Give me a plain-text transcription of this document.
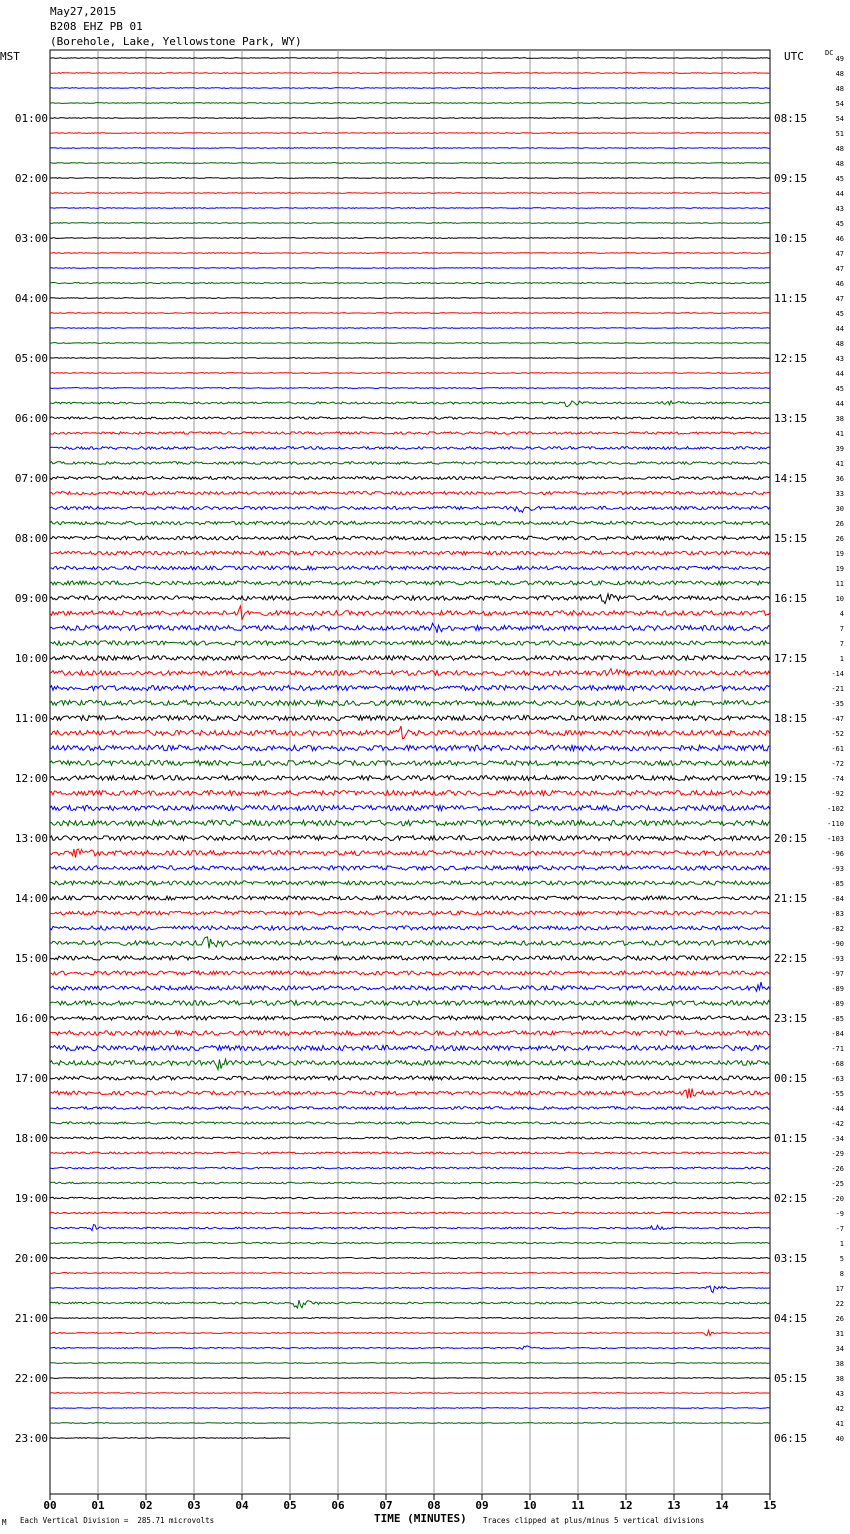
May27,2015
B208 EHZ PB 01
(Borehole, Lake, Yellowstone Park, WY)
MST	UTC	DC
00	01	02	03	04	05	06	07	08	09	10	11	12	13	14	15
49
48
48
54
54
51
48
48
45
44
43
45
46
47
47
46
47
45
44
48
43
44
45
44
38
41
39
41
36
33
30
26
26
19
19
11
10
4
7
7
1
-14
-21
-35
-47
-52
-61
-72
-74
-92
-102
-110
-103
-96
-93
-85
-84
-83
-82
-90
-93
-97
-89
-89
-85
-84
-71
-68
-63
-55
-44
-42
-34
-29
-26
-25
-20
-9
-7
1
5
8
17
22
26
31
34
38
38
43
42
41
40
01:00
02:00
03:00
04:00
05:00
06:00
07:00
08:00
09:00
10:00
11:00
12:00
13:00
14:00
15:00
16:00
17:00
18:00
19:00
20:00
21:00
22:00
23:00
08:15
09:15
10:15
11:15
12:15
13:15
14:15
15:15
16:15
17:15
18:15
19:15
20:15
21:15
22:15
23:15
00:15
01:15
02:15
03:15
04:15
05:15
06:15
M Each Vertical Division =  285.71 microvolts	TIME (MINUTES) Traces clipped at plus/minus 5 vertical divisions
